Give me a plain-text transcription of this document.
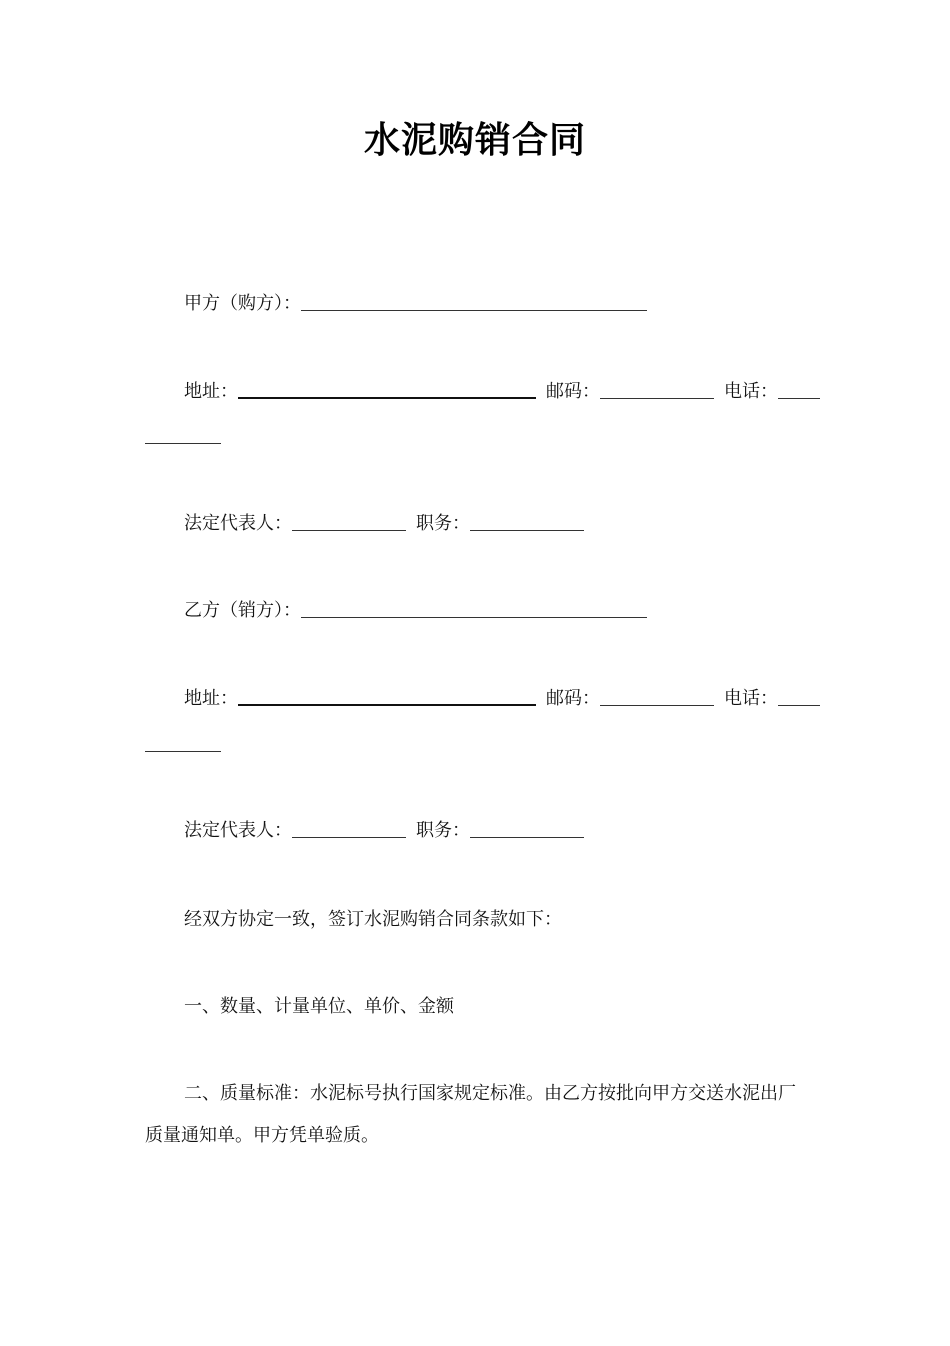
水泥购销合同
甲方（购方）：
地址：	邮码：	电话：
法定代表人：	职务：
乙方（销方）：
地址：	邮码：	电话：
法定代表人：	职务：
经双方协定一致，签订水泥购销合同条款如下：
一、数量、计量单位、单价、金额
二、质量标准：水泥标号执行国家规定标准。由乙方按批向甲方交送水泥出厂质量通知单。甲方凭单验质。
